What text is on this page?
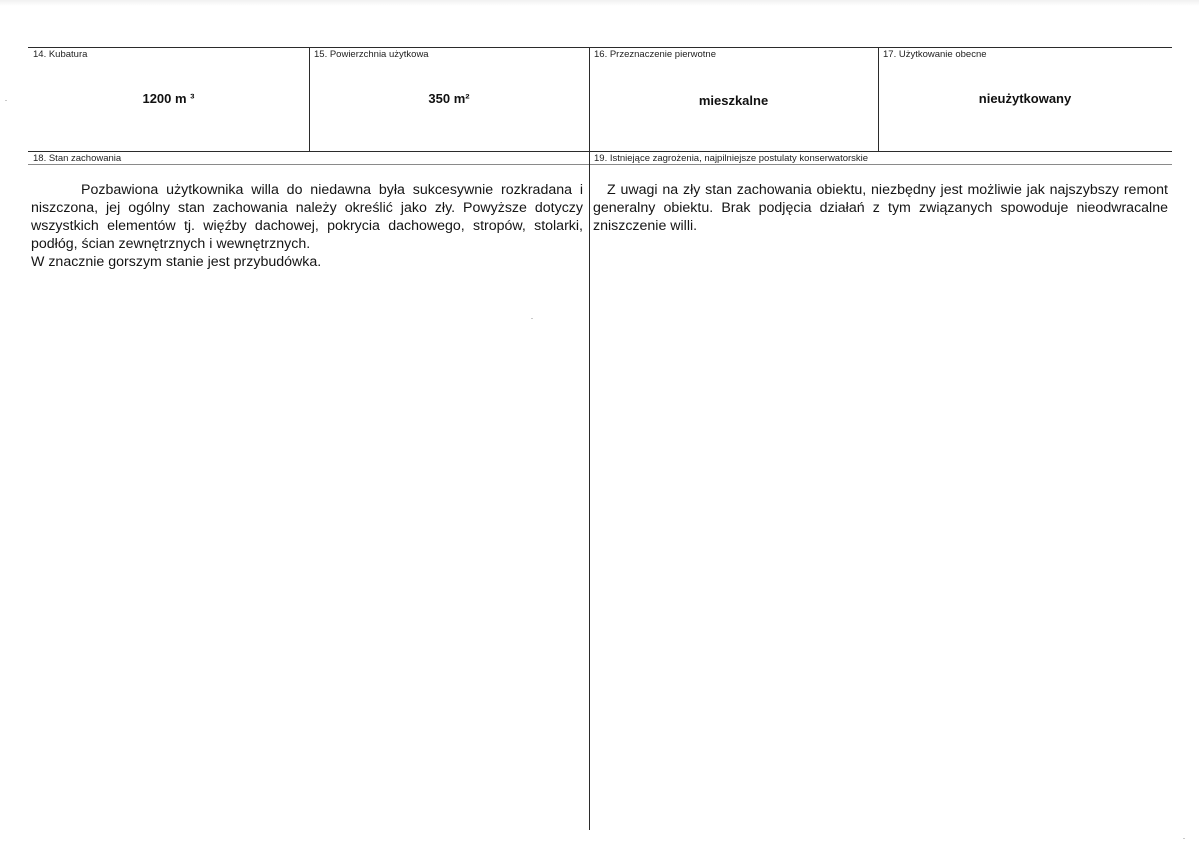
14. Kubatura
1200 m ³
15. Powierzchnia użytkowa
350 m²
16. Przeznaczenie pierwotne
mieszkalne
17. Użytkowanie obecne
nieużytkowany
18. Stan zachowania

Pozbawiona użytkownika willa do niedawna była sukcesywnie rozkradana i niszczona, jej ogólny stan zachowania należy określić jako zły. Powyższe dotyczy wszystkich elementów tj. więźby dachowej, pokrycia dachowego, stropów, stolarki, podłóg, ścian zewnętrznych i wewnętrznych.

W znacznie gorszym stanie jest przybudówka.

19. Istniejące zagrożenia, najpilniejsze postulaty konserwatorskie

Z uwagi na zły stan zachowania obiektu, niezbędny jest możliwie jak najszybszy remont generalny obiektu. Brak podjęcia działań z tym związanych spowoduje nieodwracalne zniszczenie willi.
